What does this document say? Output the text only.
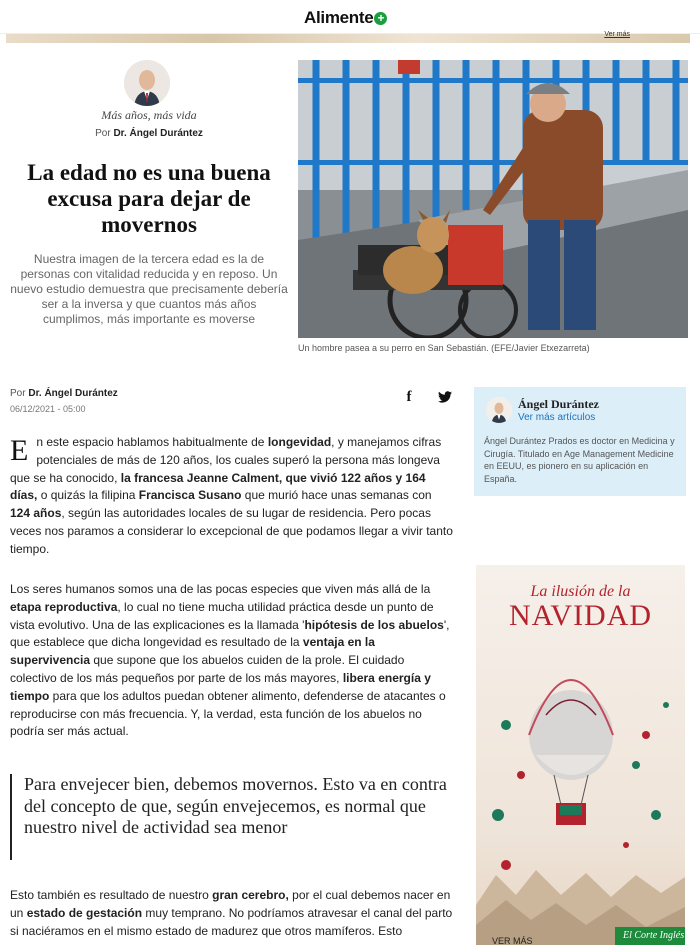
Alimente +
Ver más
Más años, más vida
Por Dr. Ángel Durántez
La edad no es una buena excusa para dejar de movernos

Nuestra imagen de la tercera edad es la de personas con vitalidad reducida y en reposo. Un nuevo estudio demuestra que precisamente debería ser a la inversa y que cuantos más años cumplimos, más importante es moverse

Un hombre pasea a su perro en San Sebastián. (EFE/Javier Etxezarreta)
Por Dr. Ángel Durántez
06/12/2021 - 05:00
f
En este espacio hablamos habitualmente de longevidad, y manejamos cifras potenciales de más de 120 años, los cuales superó la persona más longeva que se ha conocido, la francesa Jeanne Calment, que vivió 122 años y 164 días, o quizás la filipina Francisca Susano que murió hace unas semanas con 124 años, según las autoridades locales de su lugar de residencia. Pero pocas veces nos paramos a considerar lo excepcional de que podamos llegar a vivir tanto tiempo.
Los seres humanos somos una de las pocas especies que viven más allá de la etapa reproductiva, lo cual no tiene mucha utilidad práctica desde un punto de vista evolutivo. Una de las explicaciones es la llamada 'hipótesis de los abuelos', que establece que dicha longevidad es resultado de la ventaja en la supervivencia que supone que los abuelos cuiden de la prole. El cuidado colectivo de los más pequeños por parte de los más mayores, libera energía y tiempo para que los adultos puedan obtener alimento, defenderse de atacantes o reproducirse con más frecuencia. Y, la verdad, esta función de los abuelos no podría ser más actual.
Para envejecer bien, debemos movernos. Esto va en contra del concepto de que, según envejecemos, es normal que nuestro nivel de actividad sea menor
Esto también es resultado de nuestro gran cerebro, por el cual debemos nacer en un estado de gestación muy temprano. No podríamos atravesar el canal del parto si naciéramos en el mismo estado de madurez que otros mamíferos. Esto
Ángel Durántez
Ver más artículos
Ángel Durántez Prados es doctor en Medicina y Cirugía. Titulado en Age Management Medicine en EEUU, es pionero en su aplicación en España.
La ilusión de la
NAVIDAD
VER MÁS	El Corte Inglés
